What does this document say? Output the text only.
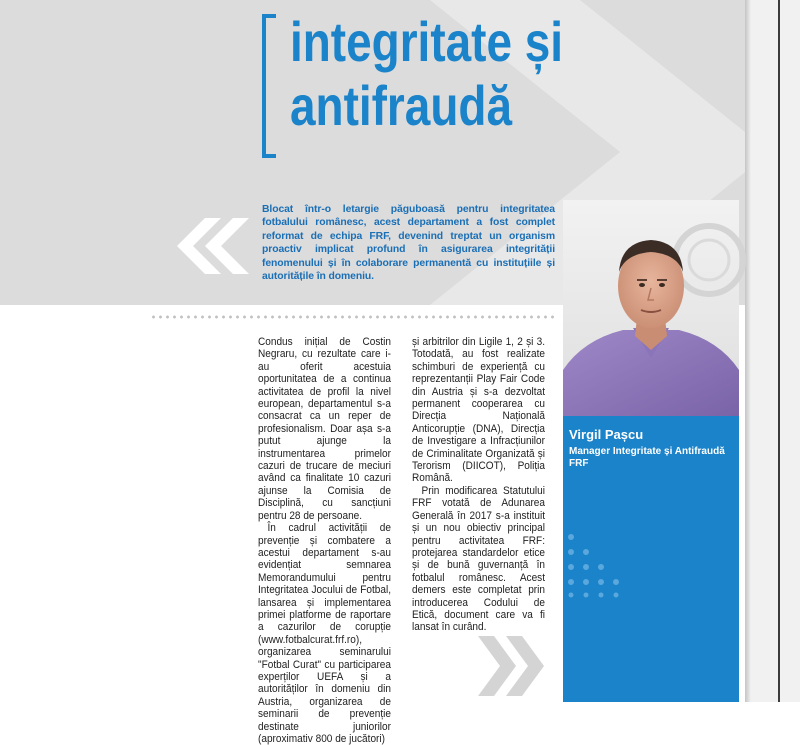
integritate și
antifraudă

Blocat într-o letargie păguboasă pentru integritatea fotbalului românesc, acest departament a fost complet reformat de echipa FRF, devenind treptat un organism proactiv implicat profund în asigurarea integrității fenomenului și în colaborare permanentă cu instituțiile și autoritățile în domeniu.

Condus inițial de Costin Negraru, cu rezultate care i-au oferit acestuia oportunitatea de a continua activitatea de profil la nivel european, departamentul s-a consacrat ca un reper de profesionalism. Doar așa s-a putut ajunge la instrumentarea primelor cazuri de trucare de meciuri având ca finalitate 10 cazuri ajunse la Comisia de Disciplină, cu sancțiuni pentru 28 de persoane.

În cadrul activității de prevenție și combatere a acestui departament s-au evidențiat semnarea Memorandumului pentru Integritatea Jocului de Fotbal, lansarea și implementarea primei platforme de raportare a cazurilor de corupție (www.fotbalcurat.frf.ro), organizarea seminarului "Fotbal Curat" cu participarea experților UEFA și a autorităților în domeniu din Austria, organizarea de seminarii de prevenție destinate juniorilor (aproximativ 800 de jucători)

și arbitrilor din Ligile 1, 2 și 3. Totodată, au fost realizate schimburi de experiență cu reprezentanții Play Fair Code din Austria și s-a dezvoltat permanent cooperarea cu Direcția Națională Anticorupție (DNA), Direcția de Investigare a Infracțiunilor de Criminalitate Organizată și Terorism (DIICOT), Poliția Română.

Prin modificarea Statutului FRF votată de Adunarea Generală în 2017 s-a instituit și un nou obiectiv principal pentru activitatea FRF: protejarea standardelor etice și de bună guvernanță în fotbalul românesc. Acest demers este completat prin introducerea Codului de Etică, document care va fi lansat în curând.

Virgil Pașcu

Manager Integritate și Antifraudă FRF
